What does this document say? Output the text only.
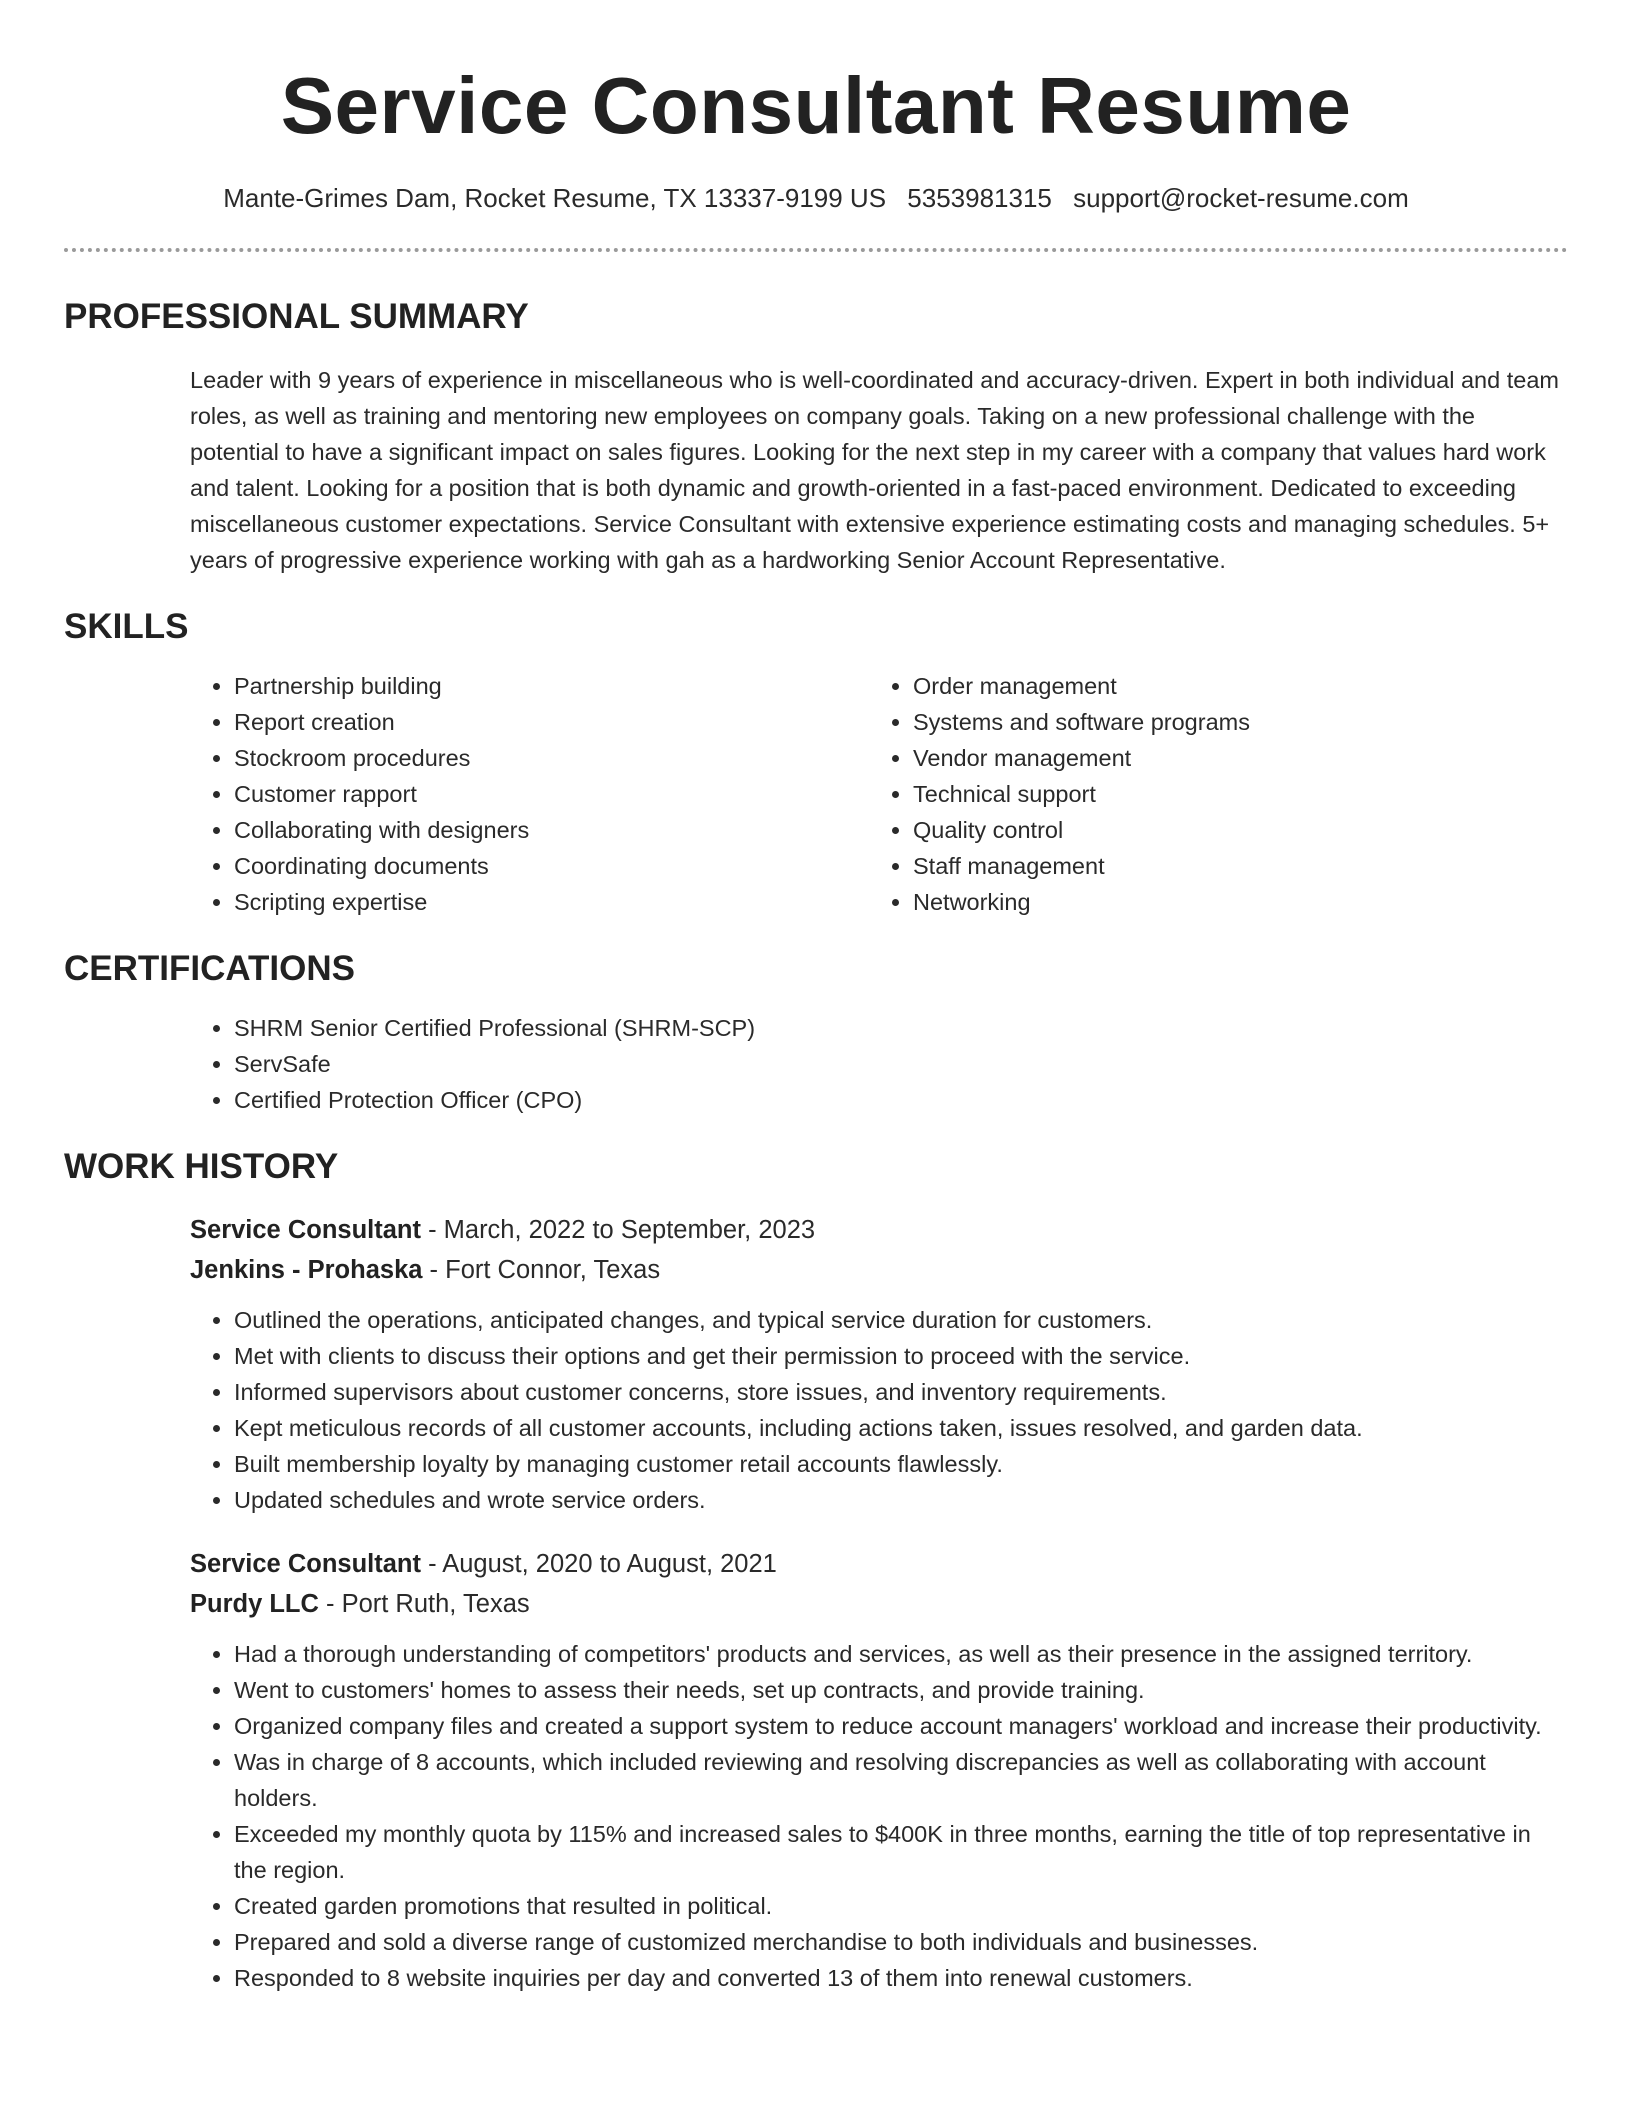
Service Consultant Resume
Mante-Grimes Dam, Rocket Resume, TX 13337-9199 US 5353981315 support@rocket-resume.com
PROFESSIONAL SUMMARY

Leader with 9 years of experience in miscellaneous who is well-coordinated and accuracy-driven. Expert in both individual and team roles, as well as training and mentoring new employees on company goals. Taking on a new professional challenge with the potential to have a significant impact on sales figures. Looking for the next step in my career with a company that values hard work and talent. Looking for a position that is both dynamic and growth-oriented in a fast-paced environment. Dedicated to exceeding miscellaneous customer expectations. Service Consultant with extensive experience estimating costs and managing schedules. 5+ years of progressive experience working with gah as a hardworking Senior Account Representative.

SKILLS
• Partnership building
• Report creation
• Stockroom procedures
• Customer rapport
• Collaborating with designers
• Coordinating documents
• Scripting expertise
• Order management
• Systems and software programs
• Vendor management
• Technical support
• Quality control
• Staff management
• Networking
CERTIFICATIONS
• SHRM Senior Certified Professional (SHRM-SCP)
• ServSafe
• Certified Protection Officer (CPO)
WORK HISTORY
Service Consultant - March, 2022 to September, 2023
Jenkins - Prohaska - Fort Connor, Texas
• Outlined the operations, anticipated changes, and typical service duration for customers.
• Met with clients to discuss their options and get their permission to proceed with the service.
• Informed supervisors about customer concerns, store issues, and inventory requirements.
• Kept meticulous records of all customer accounts, including actions taken, issues resolved, and garden data.
• Built membership loyalty by managing customer retail accounts flawlessly.
• Updated schedules and wrote service orders.
Service Consultant - August, 2020 to August, 2021
Purdy LLC - Port Ruth, Texas
• Had a thorough understanding of competitors' products and services, as well as their presence in the assigned territory.
• Went to customers' homes to assess their needs, set up contracts, and provide training.
• Organized company files and created a support system to reduce account managers' workload and increase their productivity.
• Was in charge of 8 accounts, which included reviewing and resolving discrepancies as well as collaborating with account holders.
• Exceeded my monthly quota by 115% and increased sales to $400K in three months, earning the title of top representative in the region.
• Created garden promotions that resulted in political.
• Prepared and sold a diverse range of customized merchandise to both individuals and businesses.
• Responded to 8 website inquiries per day and converted 13 of them into renewal customers.
